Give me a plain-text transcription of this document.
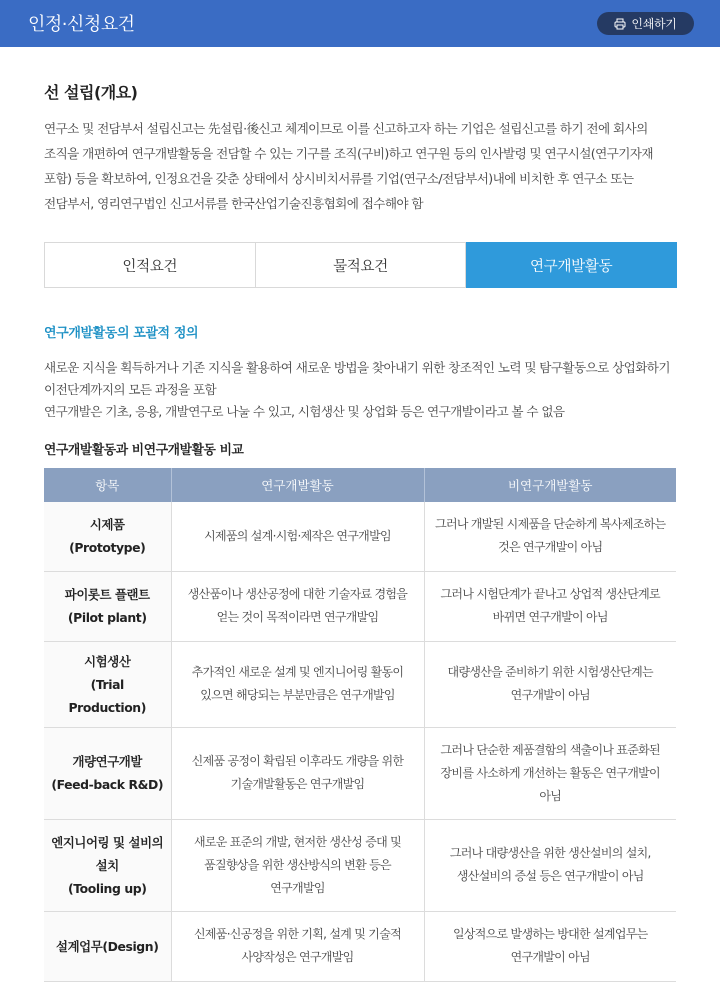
인정·신청요건	인쇄하기
선 설립(개요)

연구소 및 전담부서 설립신고는 先설립·後신고 체계이므로 이를 신고하고자 하는 기업은 설립신고를 하기 전에 회사의 조직을 개편하여 연구개발활동을 전담할 수 있는 기구를 조직(구비)하고 연구원 등의 인사발령 및 연구시설(연구기자재 포함) 등을 확보하여, 인정요건을 갖춘 상태에서 상시비치서류를 기업(연구소/전담부서)내에 비치한 후 연구소 또는 전담부서, 영리연구법인 신고서류를 한국산업기술진흥협회에 접수해야 함

인적요건	물적요건	연구개발활동
연구개발활동의 포괄적 정의
새로운 지식을 획득하거나 기존 지식을 활용하여 새로운 방법을 찾아내기 위한 창조적인 노력 및 탐구활동으로 상업화하기 이전단계까지의 모든 과정을 포함
연구개발은 기초, 응용, 개발연구로 나눌 수 있고, 시험생산 및 상업화 등은 연구개발이라고 볼 수 없음
연구개발활동과 비연구개발활동 비교
항목	연구개발활동	비연구개발활동
시제품
(Prototype)	시제품의 설계·시험·제작은 연구개발임	그러나 개발된 시제품을 단순하게 복사제조하는 것은 연구개발이 아님
파이롯트 플랜트
(Pilot plant)	생산품이나 생산공정에 대한 기술자료 경험을 얻는 것이 목적이라면 연구개발임	그러나 시험단계가 끝나고 상업적 생산단계로 바뀌면 연구개발이 아님
시험생산
(Trial Production)	추가적인 새로운 설계 및 엔지니어링 활동이 있으면 해당되는 부분만큼은 연구개발임	대량생산을 준비하기 위한 시험생산단계는 연구개발이 아님
개량연구개발
(Feed-back R&D)	신제품 공정이 확립된 이후라도 개량을 위한 기술개발활동은 연구개발임	그러나 단순한 제품결함의 색출이나 표준화된 장비를 사소하게 개선하는 활동은 연구개발이 아님
엔지니어링 및 설비의 설치
(Tooling up)	새로운 표준의 개발, 현저한 생산성 증대 및 품질향상을 위한 생산방식의 변환 등은 연구개발임	그러나 대량생산을 위한 생산설비의 설치, 생산설비의 증설 등은 연구개발이 아님
설계업무(Design)	신제품·신공정을 위한 기획, 설계 및 기술적 사양작성은 연구개발임	일상적으로 발생하는 방대한 설계업무는 연구개발이 아님
